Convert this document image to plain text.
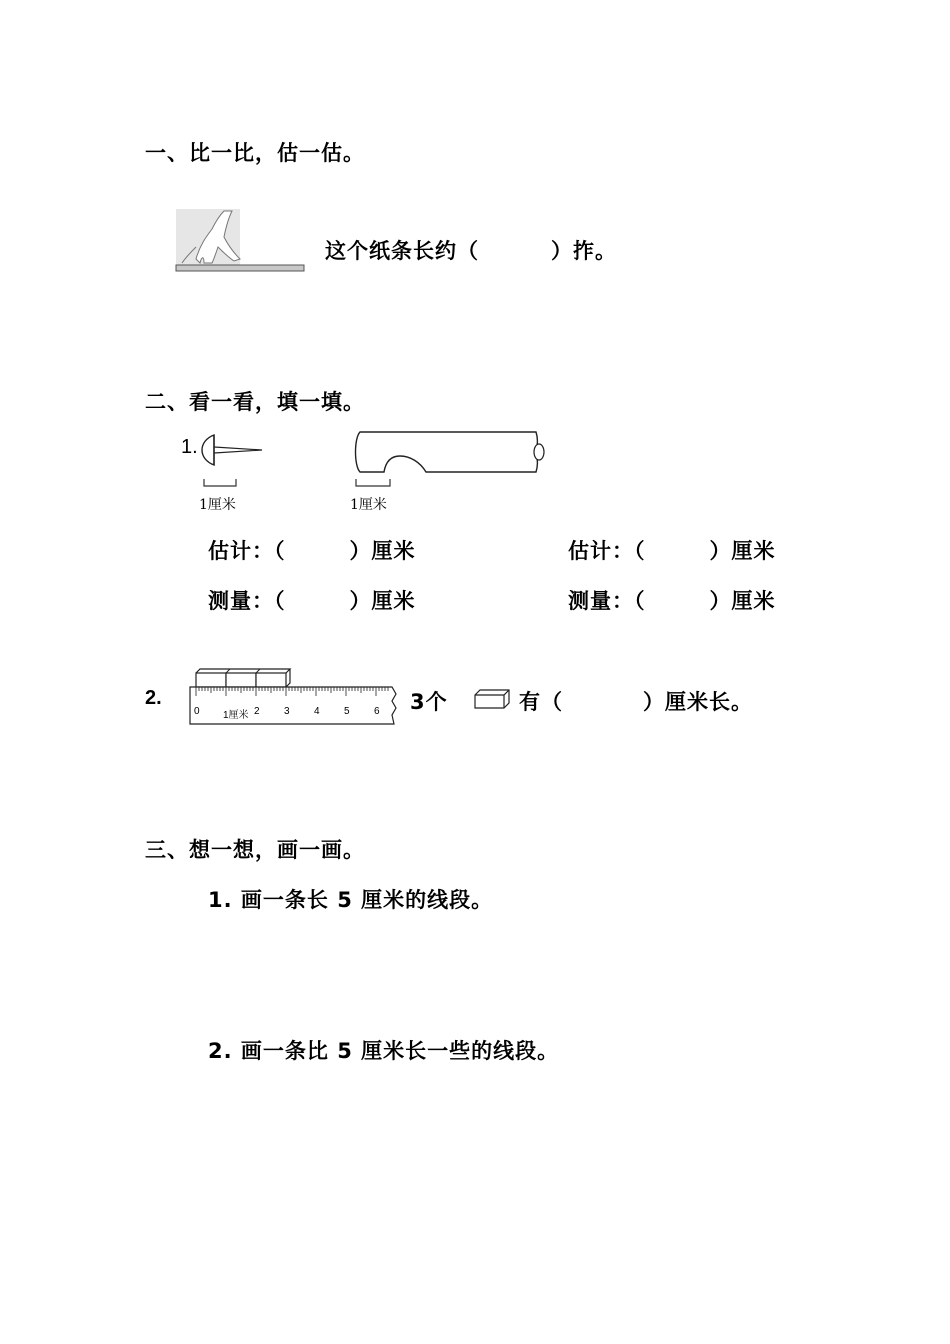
一、比一比，估一估。
这个纸条长约（	）拃。
二、看一看，填一填。
1.
1厘米	1厘米
估计：（	）厘米	估计：（	）厘米
测量：（	）厘米	测量：（	）厘米
2.
0 1厘米 2 3 4 5 6 3个	有（	）厘米长。
三、想一想，画一画。
1. 画一条长 5 厘米的线段。
2. 画一条比 5 厘米长一些的线段。
